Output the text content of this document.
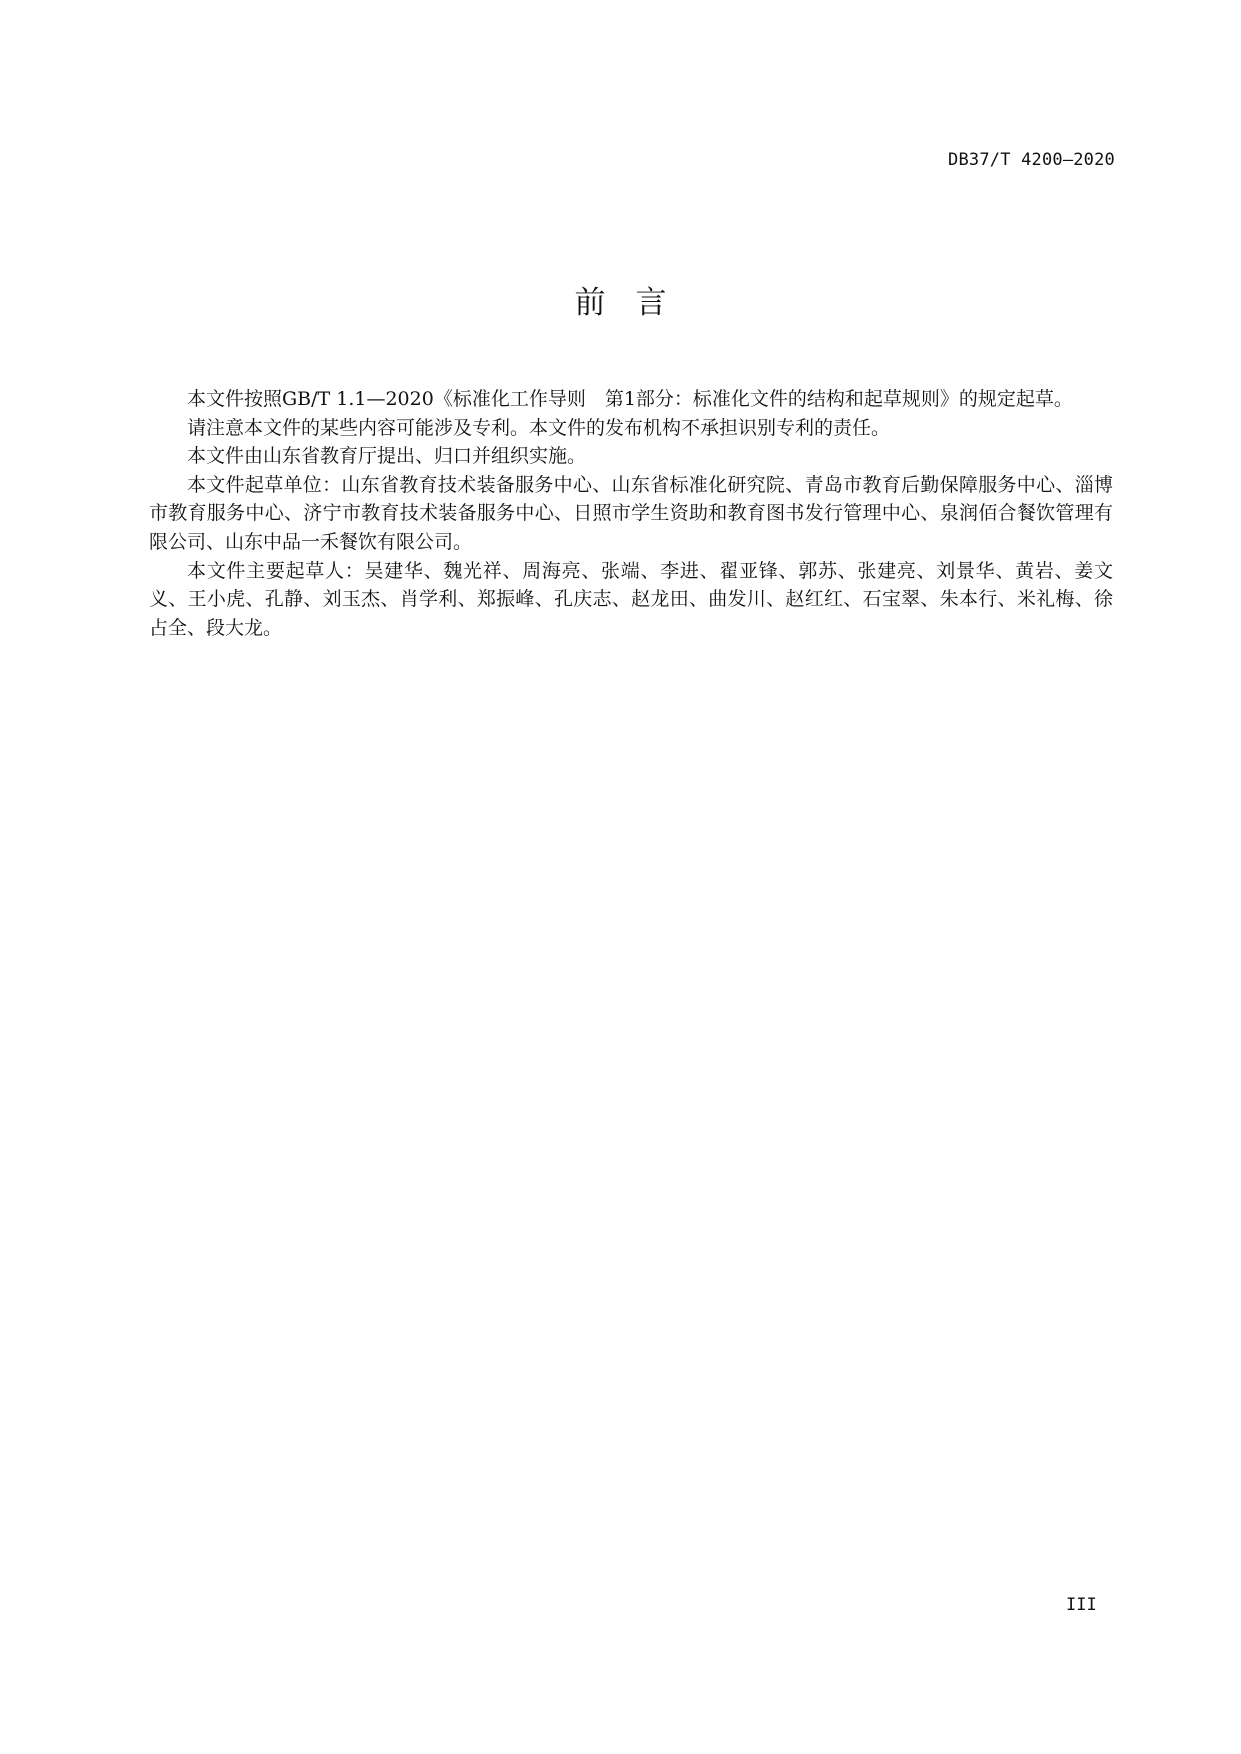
DB37/T 4200—2020
前言

本文件按照GB/T 1.1—2020《标准化工作导则　第1部分：标准化文件的结构和起草规则》的规定起草。

请注意本文件的某些内容可能涉及专利。本文件的发布机构不承担识别专利的责任。

本文件由山东省教育厅提出、归口并组织实施。

本文件起草单位：山东省教育技术装备服务中心、山东省标准化研究院、青岛市教育后勤保障服务中心、淄博市教育服务中心、济宁市教育技术装备服务中心、日照市学生资助和教育图书发行管理中心、泉润佰合餐饮管理有限公司、山东中品一禾餐饮有限公司。

本文件主要起草人：吴建华、魏光祥、周海亮、张端、李进、翟亚锋、郭苏、张建亮、刘景华、黄岩、姜文义、王小虎、孔静、刘玉杰、肖学利、郑振峰、孔庆志、赵龙田、曲发川、赵红红、石宝翠、朱本行、米礼梅、徐占全、段大龙。

III
